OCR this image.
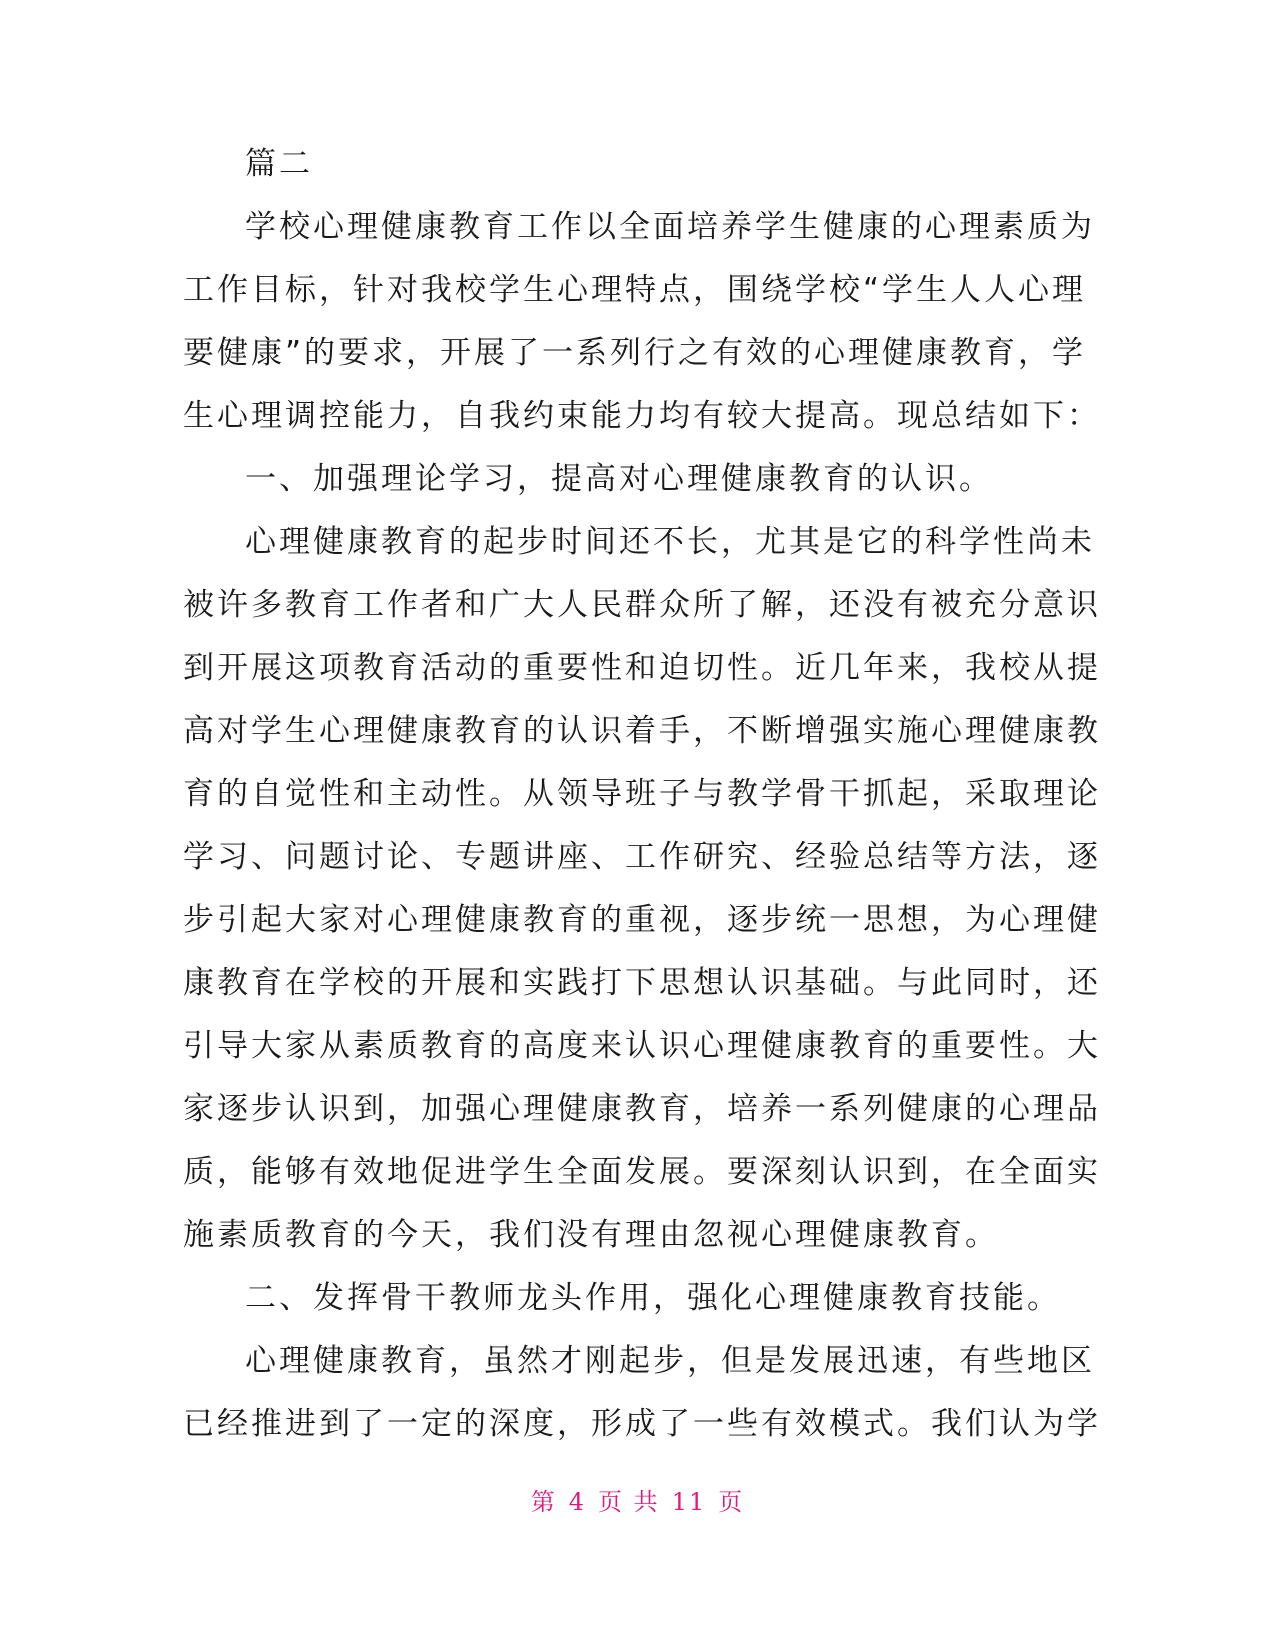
篇二
学校心理健康教育工作以全面培养学生健康的心理素质为
工作目标，针对我校学生心理特点，围绕学校“学生人人心理
要健康”的要求，开展了一系列行之有效的心理健康教育，学
生心理调控能力，自我约束能力均有较大提高。现总结如下：
一、加强理论学习，提高对心理健康教育的认识。
心理健康教育的起步时间还不长，尤其是它的科学性尚未
被许多教育工作者和广大人民群众所了解，还没有被充分意识
到开展这项教育活动的重要性和迫切性。近几年来，我校从提
高对学生心理健康教育的认识着手，不断增强实施心理健康教
育的自觉性和主动性。从领导班子与教学骨干抓起，采取理论
学习、问题讨论、专题讲座、工作研究、经验总结等方法，逐
步引起大家对心理健康教育的重视，逐步统一思想，为心理健
康教育在学校的开展和实践打下思想认识基础。与此同时，还
引导大家从素质教育的高度来认识心理健康教育的重要性。大
家逐步认识到，加强心理健康教育，培养一系列健康的心理品
质，能够有效地促进学生全面发展。要深刻认识到，在全面实
施素质教育的今天，我们没有理由忽视心理健康教育。
二、发挥骨干教师龙头作用，强化心理健康教育技能。
心理健康教育，虽然才刚起步，但是发展迅速，有些地区
已经推进到了一定的深度，形成了一些有效模式。我们认为学
第 4 页 共 11 页
